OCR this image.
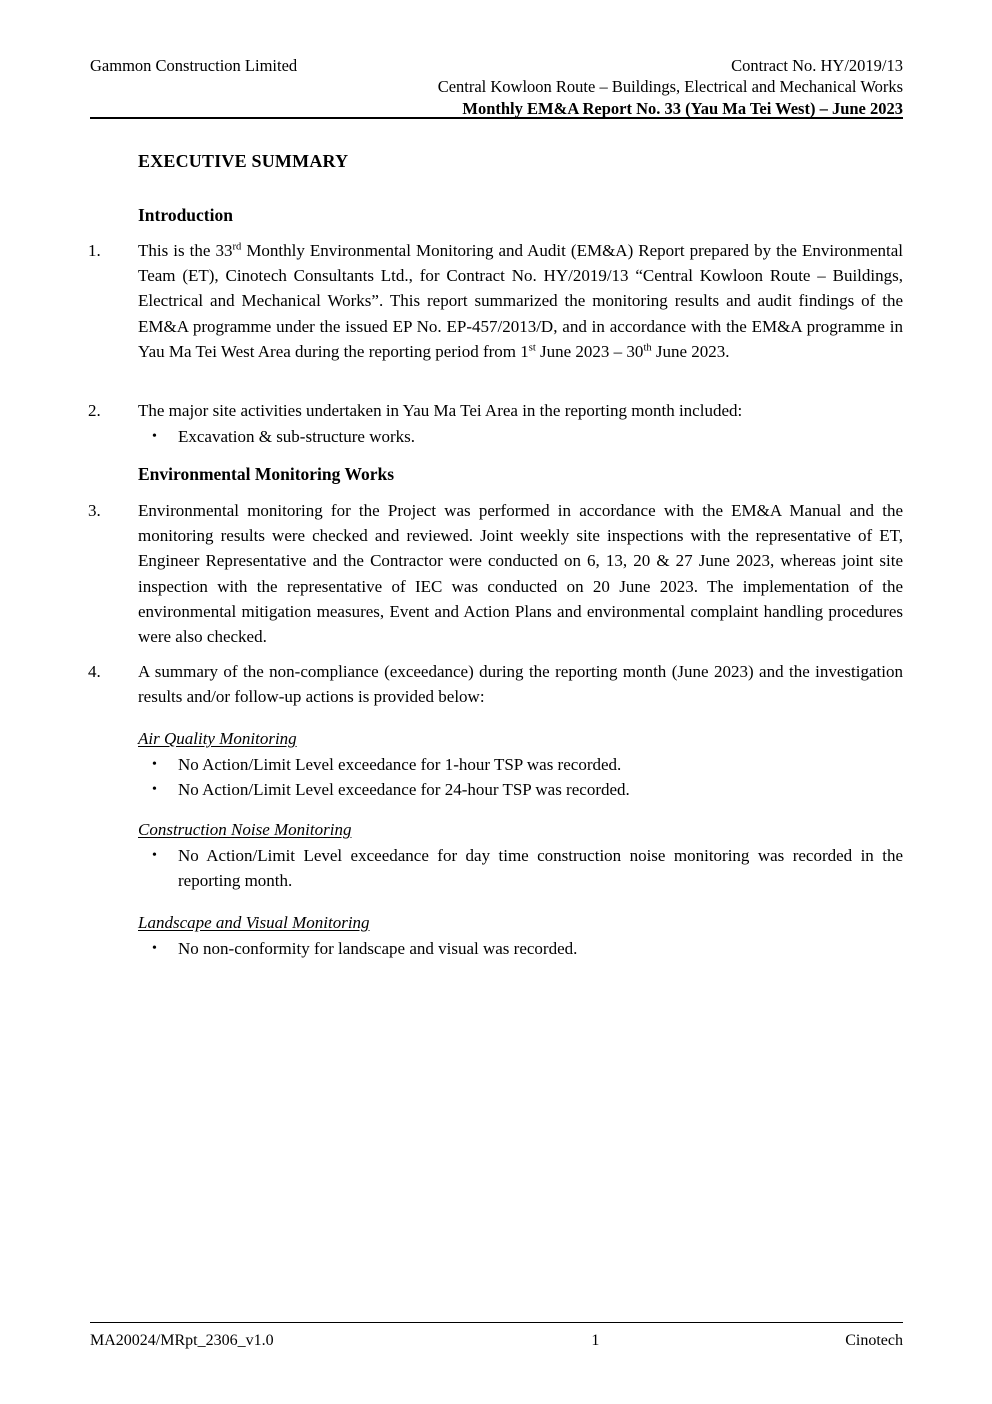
Gammon Construction Limited	Contract No. HY/2019/13
Central Kowloon Route – Buildings, Electrical and Mechanical Works
Monthly EM&A Report No. 33 (Yau Ma Tei West) – June 2023
EXECUTIVE SUMMARY
Introduction
1.	This is the 33rd Monthly Environmental Monitoring and Audit (EM&A) Report prepared by the Environmental Team (ET), Cinotech Consultants Ltd., for Contract No. HY/2019/13 “Central Kowloon Route – Buildings, Electrical and Mechanical Works”. This report summarized the monitoring results and audit findings of the EM&A programme under the issued EP No. EP-457/2013/D, and in accordance with the EM&A programme in Yau Ma Tei West Area during the reporting period from 1st June 2023 – 30th June 2023.
2.	The major site activities undertaken in Yau Ma Tei Area in the reporting month included:
• Excavation & sub-structure works.
Environmental Monitoring Works
3.	Environmental monitoring for the Project was performed in accordance with the EM&A Manual and the monitoring results were checked and reviewed. Joint weekly site inspections with the representative of ET, Engineer Representative and the Contractor were conducted on 6, 13, 20 & 27 June 2023, whereas joint site inspection with the representative of IEC was conducted on 20 June 2023. The implementation of the environmental mitigation measures, Event and Action Plans and environmental complaint handling procedures were also checked.
4.	A summary of the non-compliance (exceedance) during the reporting month (June 2023) and the investigation results and/or follow-up actions is provided below:
Air Quality Monitoring
• No Action/Limit Level exceedance for 1-hour TSP was recorded.
• No Action/Limit Level exceedance for 24-hour TSP was recorded.
Construction Noise Monitoring
• No Action/Limit Level exceedance for day time construction noise monitoring was recorded in the reporting month.
Landscape and Visual Monitoring
• No non-conformity for landscape and visual was recorded.
MA20024/MRpt_2306_v1.0	1	Cinotech
